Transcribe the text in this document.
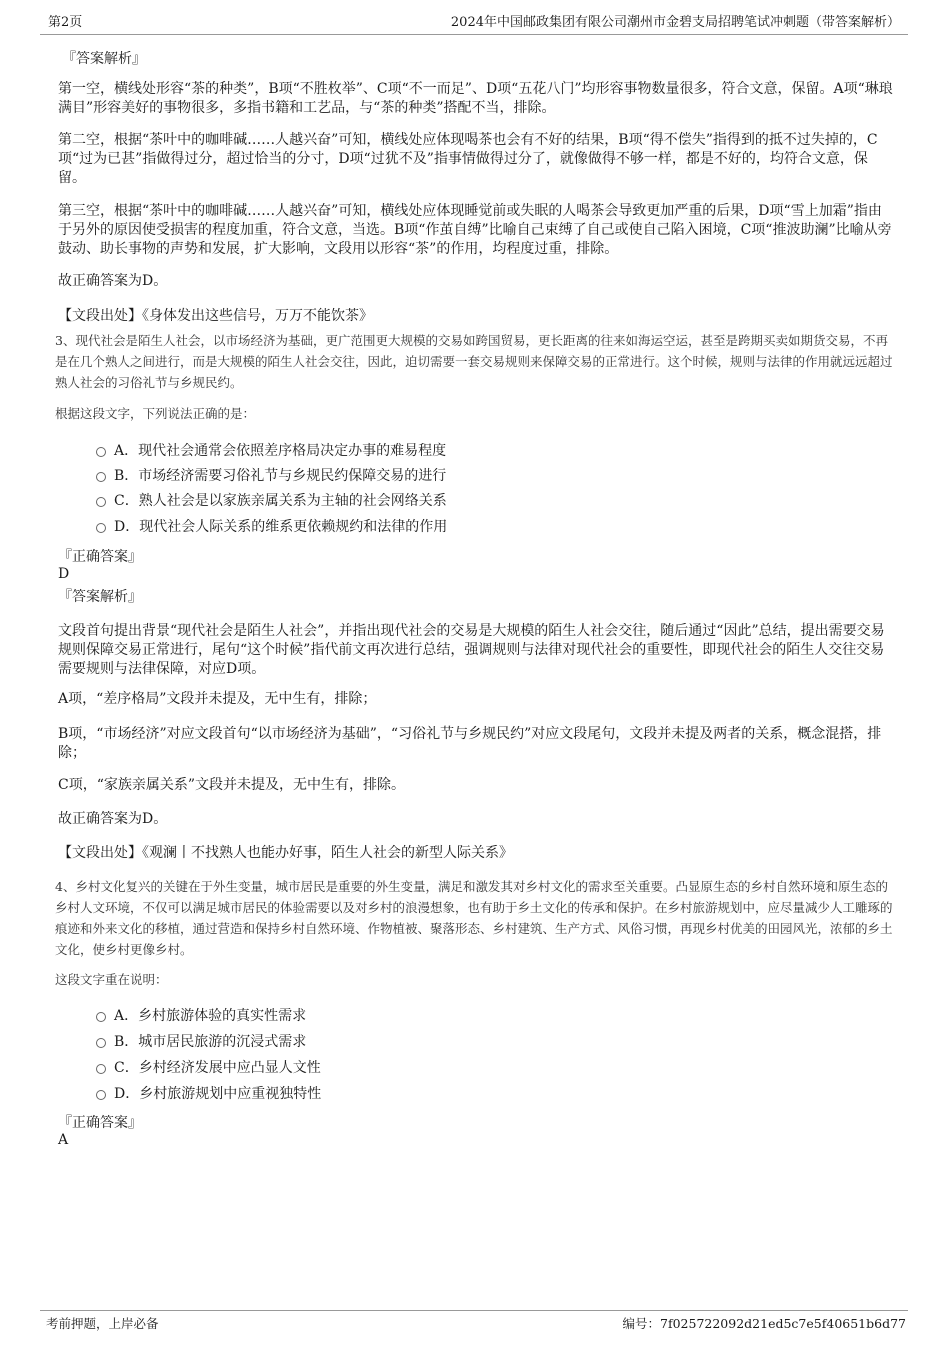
第2页	2024年中国邮政集团有限公司潮州市金碧支局招聘笔试冲刺题（带答案解析）
『答案解析』
第一空，横线处形容“茶的种类”，B项“不胜枚举”、C项“不一而足”、D项“五花八门”均形容事物数量很多，符合文意，保留。A项“琳琅满目”形容美好的事物很多，多指书籍和工艺品，与“茶的种类”搭配不当，排除。
第二空，根据“茶叶中的咖啡碱……人越兴奋”可知，横线处应体现喝茶也会有不好的结果，B项“得不偿失”指得到的抵不过失掉的，C项“过为已甚”指做得过分，超过恰当的分寸，D项“过犹不及”指事情做得过分了，就像做得不够一样，都是不好的，均符合文意，保留。
第三空，根据“茶叶中的咖啡碱……人越兴奋”可知，横线处应体现睡觉前或失眠的人喝茶会导致更加严重的后果，D项“雪上加霜”指由于另外的原因使受损害的程度加重，符合文意，当选。B项“作茧自缚”比喻自己束缚了自己或使自己陷入困境，C项“推波助澜”比喻从旁鼓动、助长事物的声势和发展，扩大影响，文段用以形容“茶”的作用，均程度过重，排除。
故正确答案为D。
【文段出处】《身体发出这些信号，万万不能饮茶》
3、现代社会是陌生人社会，以市场经济为基础，更广范围更大规模的交易如跨国贸易，更长距离的往来如海运空运，甚至是跨期买卖如期货交易，不再是在几个熟人之间进行，而是大规模的陌生人社会交往，因此，迫切需要一套交易规则来保障交易的正常进行。这个时候，规则与法律的作用就远远超过熟人社会的习俗礼节与乡规民约。
根据这段文字，下列说法正确的是：
A．现代社会通常会依照差序格局决定办事的难易程度
B．市场经济需要习俗礼节与乡规民约保障交易的进行
C．熟人社会是以家族亲属关系为主轴的社会网络关系
D．现代社会人际关系的维系更依赖规约和法律的作用
『正确答案』
D
『答案解析』
文段首句提出背景“现代社会是陌生人社会”，并指出现代社会的交易是大规模的陌生人社会交往，随后通过“因此”总结，提出需要交易规则保障交易正常进行，尾句“这个时候”指代前文再次进行总结，强调规则与法律对现代社会的重要性，即现代社会的陌生人交往交易需要规则与法律保障，对应D项。
A项，“差序格局”文段并未提及，无中生有，排除；
B项，“市场经济”对应文段首句“以市场经济为基础”，“习俗礼节与乡规民约”对应文段尾句，文段并未提及两者的关系，概念混搭，排除；
C项，“家族亲属关系”文段并未提及，无中生有，排除。
故正确答案为D。
【文段出处】《观澜丨不找熟人也能办好事，陌生人社会的新型人际关系》
4、乡村文化复兴的关键在于外生变量，城市居民是重要的外生变量，满足和激发其对乡村文化的需求至关重要。凸显原生态的乡村自然环境和原生态的乡村人文环境，不仅可以满足城市居民的体验需要以及对乡村的浪漫想象，也有助于乡土文化的传承和保护。在乡村旅游规划中，应尽量减少人工雕琢的痕迹和外来文化的移植，通过营造和保持乡村自然环境、作物植被、聚落形态、乡村建筑、生产方式、风俗习惯，再现乡村优美的田园风光，浓郁的乡土文化，使乡村更像乡村。
这段文字重在说明：
A．乡村旅游体验的真实性需求
B．城市居民旅游的沉浸式需求
C．乡村经济发展中应凸显人文性
D．乡村旅游规划中应重视独特性
『正确答案』
A
考前押题，上岸必备	编号：7f025722092d21ed5c7e5f40651b6d77
